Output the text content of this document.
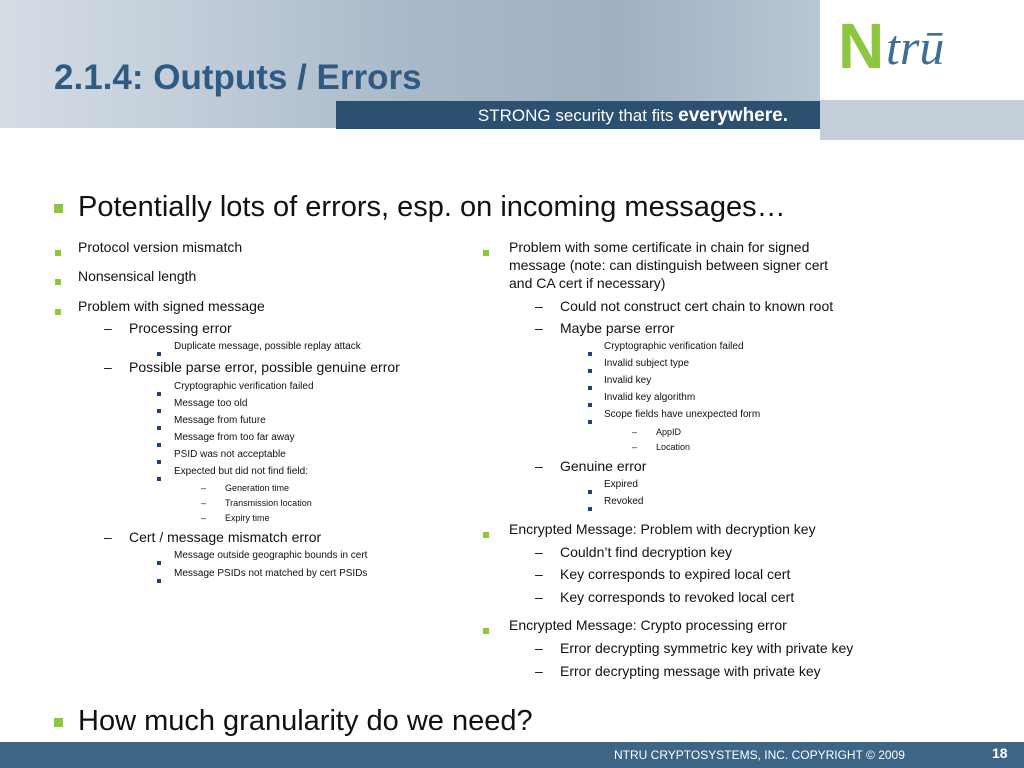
2.1.4: Outputs / Errors
STRONG security that fits everywhere.
N trū
Potentially lots of errors, esp. on incoming messages…
Protocol version mismatch
Nonsensical length
Problem with signed message
– Processing error
Duplicate message, possible replay attack
– Possible parse error, possible genuine error
Cryptographic verification failed
Message too old
Message from future
Message from too far away
PSID was not acceptable
Expected but did not find field:
– Generation time
– Transmission location
– Expiry time
– Cert / message mismatch error
Message outside geographic bounds in cert
Message PSIDs not matched by cert PSIDs
Problem with some certificate in chain for signed
message (note: can distinguish between signer cert
and CA cert if necessary)
– Could not construct cert chain to known root
– Maybe parse error
Cryptographic verification failed
Invalid subject type
Invalid key
Invalid key algorithm
Scope fields have unexpected form
– AppID
– Location
– Genuine error
Expired
Revoked
Encrypted Message: Problem with decryption key
– Couldn’t find decryption key
– Key corresponds to expired local cert
– Key corresponds to revoked local cert
Encrypted Message: Crypto processing error
– Error decrypting symmetric key with private key
– Error decrypting message with private key
How much granularity do we need?
NTRU CRYPTOSYSTEMS, INC. COPYRIGHT © 2009	18
